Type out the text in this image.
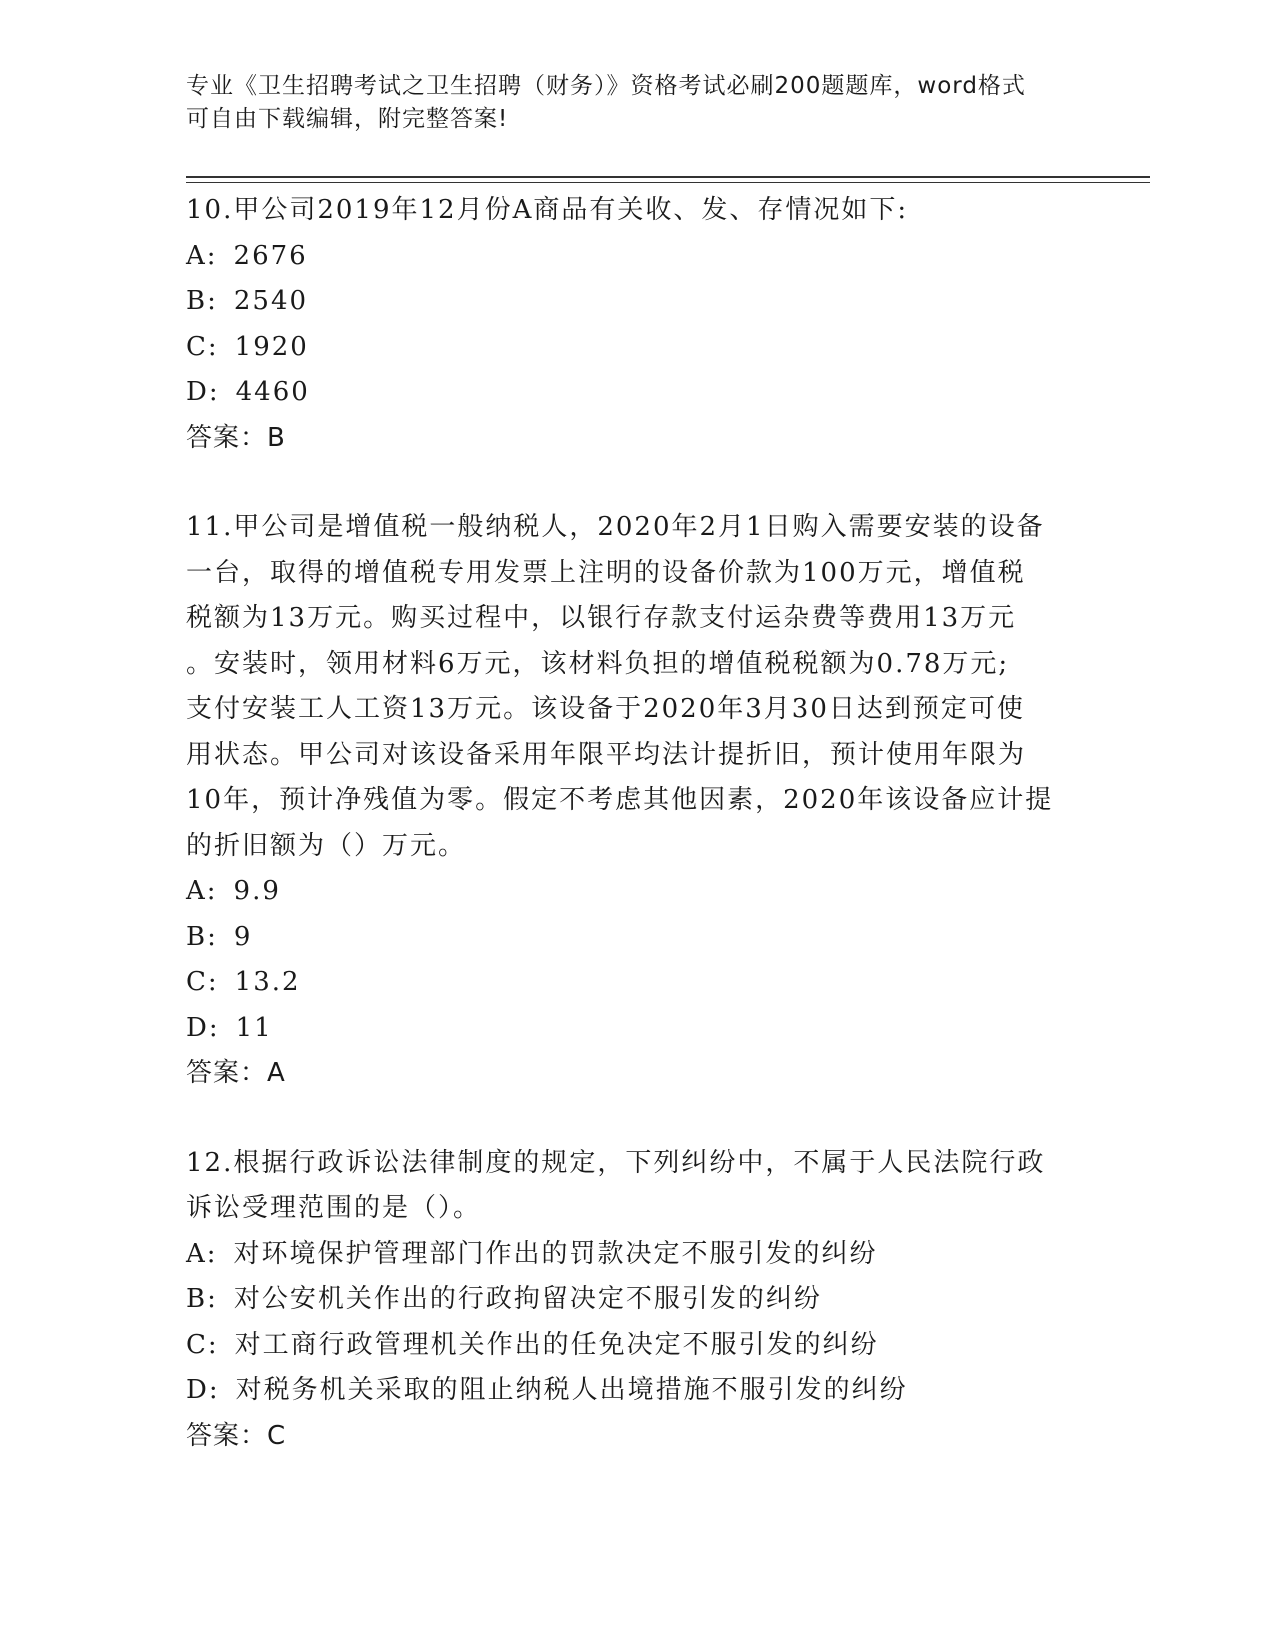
专业《卫生招聘考试之卫生招聘（财务）》资格考试必刷200题题库，word格式
可自由下载编辑，附完整答案!
10.甲公司2019年12月份A商品有关收、发、存情况如下:
A: 2676
B: 2540
C: 1920
D: 4460
答案：B
11.甲公司是增值税一般纳税人，2020年2月1日购入需要安装的设备
一台，取得的增值税专用发票上注明的设备价款为100万元，增值税
税额为13万元。购买过程中，以银行存款支付运杂费等费用13万元
。安装时，领用材料6万元，该材料负担的增值税税额为0.78万元;
支付安装工人工资13万元。该设备于2020年3月30日达到预定可使
用状态。甲公司对该设备采用年限平均法计提折旧，预计使用年限为
10年，预计净残值为零。假定不考虑其他因素，2020年该设备应计提
的折旧额为（）万元。
A: 9.9
B: 9
C: 13.2
D: 11
答案：A
12.根据行政诉讼法律制度的规定，下列纠纷中，不属于人民法院行政
诉讼受理范围的是（）。
A: 对环境保护管理部门作出的罚款决定不服引发的纠纷
B: 对公安机关作出的行政拘留决定不服引发的纠纷
C: 对工商行政管理机关作出的任免决定不服引发的纠纷
D: 对税务机关采取的阻止纳税人出境措施不服引发的纠纷
答案：C
